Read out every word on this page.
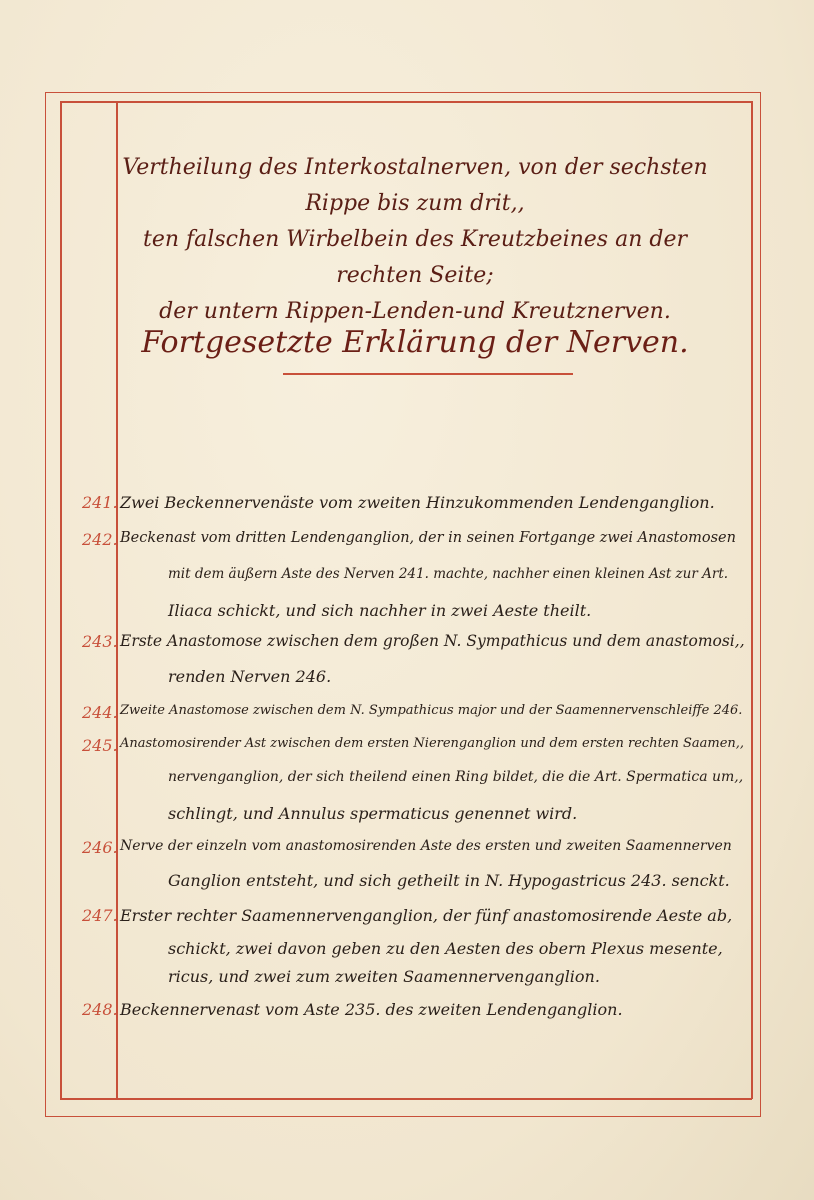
Vertheilung des Interkostalnerven, von der sechsten Rippe bis zum drit,,
ten falschen Wirbelbein des Kreutzbeines an der rechten Seite;
der untern Rippen-Lenden-und Kreutznerven.
Fortgesetzte Erklärung der Nerven.
241. Zwei Beckennervenäste vom zweiten Hinzukommenden Lendenganglion.
242. Beckenast vom dritten Lendenganglion, der in seinen Fortgange zwei Anastomosen
mit dem äußern Aste des Nerven 241. machte, nachher einen kleinen Ast zur Art.
Iliaca schickt, und sich nachher in zwei Aeste theilt.
243. Erste Anastomose zwischen dem großen N. Sympathicus und dem anastomosi,,
renden Nerven 246.
244. Zweite Anastomose zwischen dem N. Sympathicus major und der Saamennervenschleiffe 246.
245. Anastomosirender Ast zwischen dem ersten Nierenganglion und dem ersten rechten Saamen,,
nervenganglion, der sich theilend einen Ring bildet, die die Art. Spermatica um,,
schlingt, und Annulus spermaticus genennet wird.
246. Nerve der einzeln vom anastomosirenden Aste des ersten und zweiten Saamennerven
Ganglion entsteht, und sich getheilt in N. Hypogastricus 243. senckt.
247. Erster rechter Saamennervenganglion, der fünf anastomosirende Aeste ab,
schickt, zwei davon geben zu den Aesten des obern Plexus mesente,
ricus, und zwei zum zweiten Saamennervenganglion.
248. Beckennervenast vom Aste 235. des zweiten Lendenganglion.
